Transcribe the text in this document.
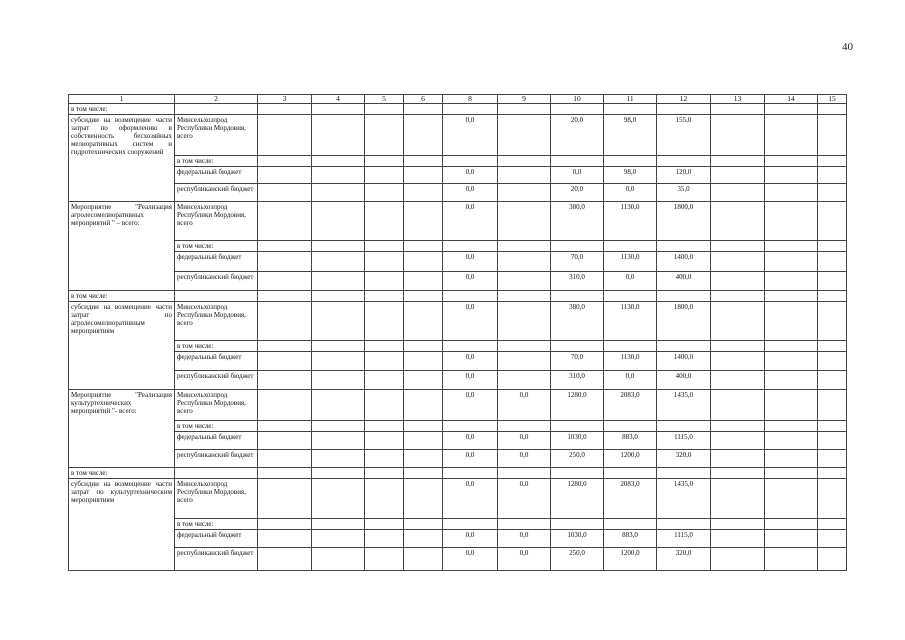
40
1	2	3	4	5	6	8	9	10	11	12	13	14	15
в том числе:													
субсидии на возмещение части затрат по оформлению в собственность бесхозяйных мелиоративных систем и гидротехнических сооружений	Минсельхозпрод Республики Мордовия, всего					0,0		20,0	98,0	155,0			
	в том числе:												
	федеральный бюджет					0,0		0,0	98,0	120,0			
	республиканский бюджет					0,0		20,0	0,0	35,0			
Мероприятие "Реализация агролесомелиоративных мероприятий " – всего:	Минсельхозпрод Республики Мордовия, всего					0,0		380,0	1130,0	1800,0			
	в том числе:												
	федеральный бюджет					0,0		70,0	1130,0	1400,0			
	республиканский бюджет					0,0		310,0	0,0	400,0			
в том числе:													
субсидии на возмещение части затрат по агролесомелиоративным мероприятиям	Минсельхозпрод Республики Мордовия, всего					0,0		380,0	1130,0	1800,0			
	в том числе:												
	федеральный бюджет					0,0		70,0	1130,0	1400,0			
	республиканский бюджет					0,0		310,0	0,0	400,0			
Мероприятие "Реализация культуртехнических мероприятий "- всего:	Минсельхозпрод Республики Мордовия, всего					0,0	0,0	1280,0	2083,0	1435,0			
	в том числе:												
	федеральный бюджет					0,0	0,0	1030,0	883,0	1115,0			
	республиканский бюджет					0,0	0,0	250,0	1200,0	320,0			
в том числе:													
субсидии на возмещение части затрат по культуртехническим мероприятиям	Минсельхозпрод Республики Мордовия, всего					0,0	0,0	1280,0	2083,0	1435,0			
	в том числе:												
	федеральный бюджет					0,0	0,0	1030,0	883,0	1115,0			
	республиканский бюджет					0,0	0,0	250,0	1200,0	320,0			
